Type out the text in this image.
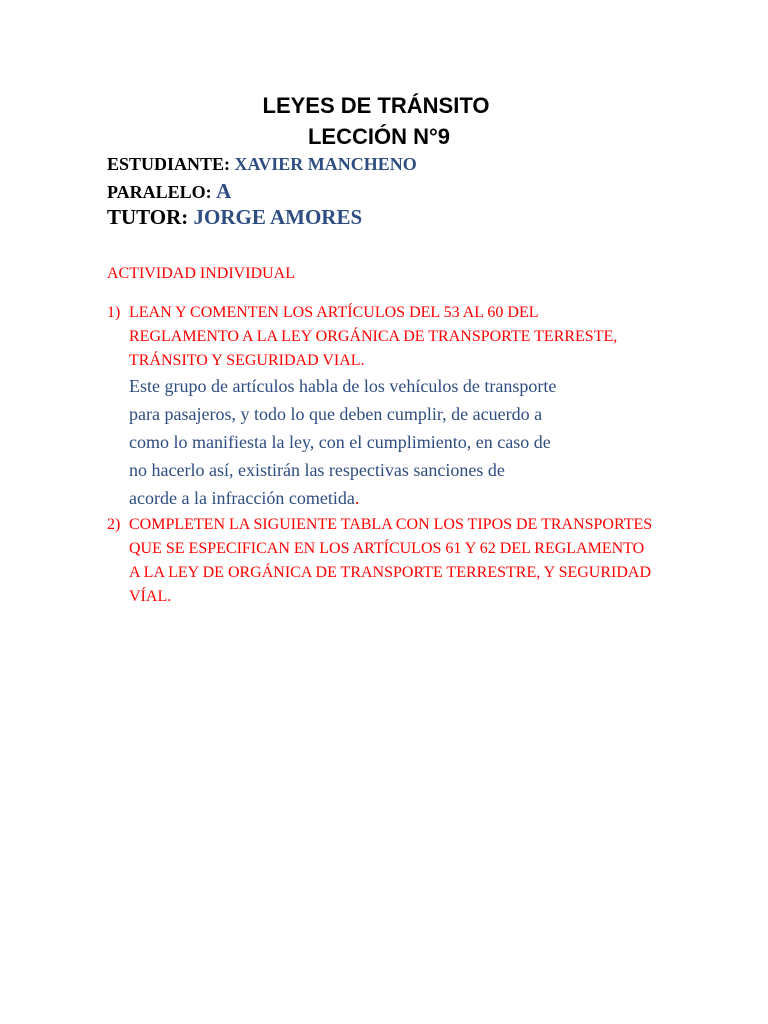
LEYES DE TRÁNSITO
LECCIÓN N°9
ESTUDIANTE: XAVIER MANCHENO
PARALELO: A
TUTOR: JORGE AMORES
ACTIVIDAD INDIVIDUAL
1) LEAN Y COMENTEN LOS ARTÍCULOS DEL 53 AL 60 DEL
REGLAMENTO A LA LEY ORGÁNICA DE TRANSPORTE TERRESTE,
TRÁNSITO Y SEGURIDAD VIAL.
Este grupo de artículos habla de los vehículos de transporte
para pasajeros, y todo lo que deben cumplir, de acuerdo a
como lo manifiesta la ley, con el cumplimiento, en caso de
no hacerlo así, existirán las respectivas sanciones de
acorde a la infracción cometida.
2) COMPLETEN LA SIGUIENTE TABLA CON LOS TIPOS DE TRANSPORTES
QUE SE ESPECIFICAN EN LOS ARTÍCULOS 61 Y 62 DEL REGLAMENTO
A LA LEY DE ORGÁNICA DE TRANSPORTE TERRESTRE, Y SEGURIDAD
VÍAL.
